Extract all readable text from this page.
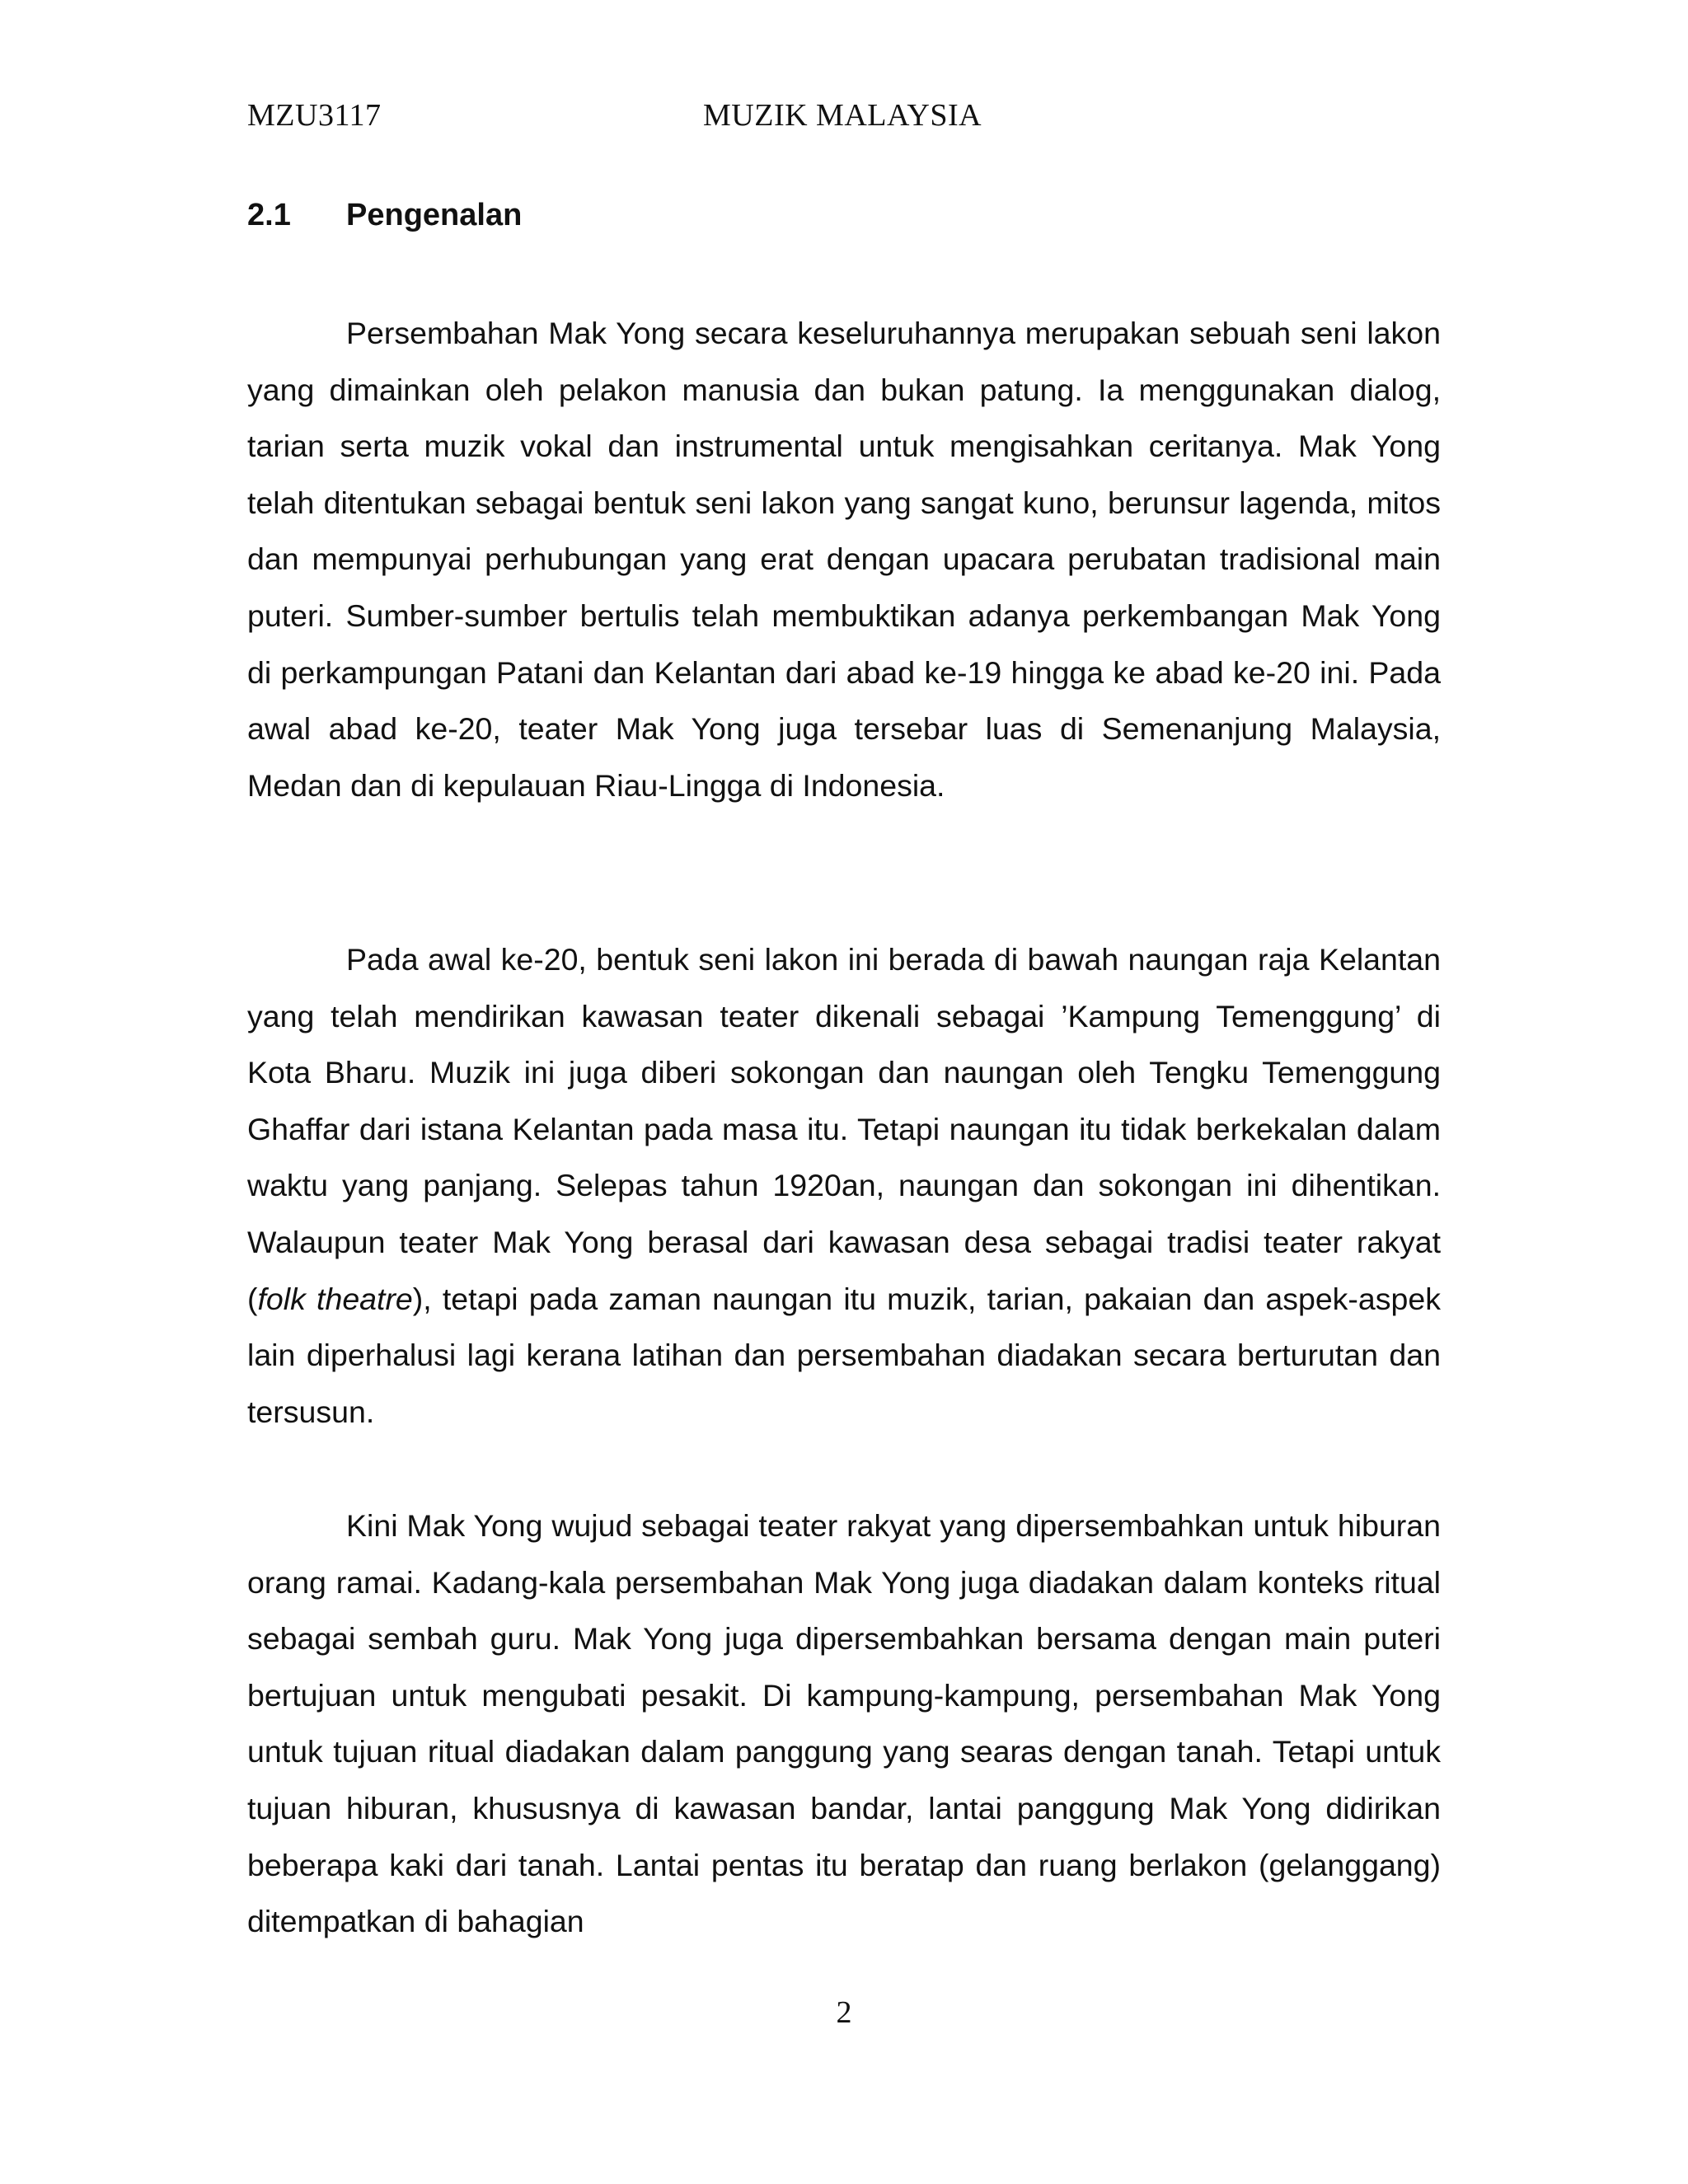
MZU3117	MUZIK MALAYSIA
2.1 Pengenalan

Persembahan Mak Yong secara keseluruhannya merupakan sebuah seni lakon yang dimainkan oleh pelakon manusia dan bukan patung. Ia menggunakan dialog, tarian serta muzik vokal dan instrumental untuk mengisahkan ceritanya. Mak Yong telah ditentukan sebagai bentuk seni lakon yang sangat kuno, berunsur lagenda, mitos dan mempunyai perhubungan yang erat dengan upacara perubatan tradisional main puteri. Sumber-sumber bertulis telah membuktikan adanya perkembangan Mak Yong di perkampungan Patani dan Kelantan dari abad ke-19 hingga ke abad ke-20 ini. Pada awal abad ke-20, teater Mak Yong juga tersebar luas di Semenanjung Malaysia, Medan dan di kepulauan Riau-Lingga di Indonesia.

Pada awal ke-20, bentuk seni lakon ini berada di bawah naungan raja Kelantan yang telah mendirikan kawasan teater dikenali sebagai ’Kampung Temenggung’ di Kota Bharu. Muzik ini juga diberi sokongan dan naungan oleh Tengku Temenggung Ghaffar dari istana Kelantan pada masa itu. Tetapi naungan itu tidak berkekalan dalam waktu yang panjang. Selepas tahun 1920an, naungan dan sokongan ini dihentikan. Walaupun teater Mak Yong berasal dari kawasan desa sebagai tradisi teater rakyat (folk theatre), tetapi pada zaman naungan itu muzik, tarian, pakaian dan aspek-aspek lain diperhalusi lagi kerana latihan dan persembahan diadakan secara berturutan dan tersusun.

Kini Mak Yong wujud sebagai teater rakyat yang dipersembahkan untuk hiburan orang ramai. Kadang-kala persembahan Mak Yong juga diadakan dalam konteks ritual sebagai sembah guru. Mak Yong juga dipersembahkan bersama dengan main puteri bertujuan untuk mengubati pesakit. Di kampung-kampung, persembahan Mak Yong untuk tujuan ritual diadakan dalam panggung yang searas dengan tanah. Tetapi untuk tujuan hiburan, khususnya di kawasan bandar, lantai panggung Mak Yong didirikan beberapa kaki dari tanah. Lantai pentas itu beratap dan ruang berlakon (gelanggang) ditempatkan di bahagian

2
